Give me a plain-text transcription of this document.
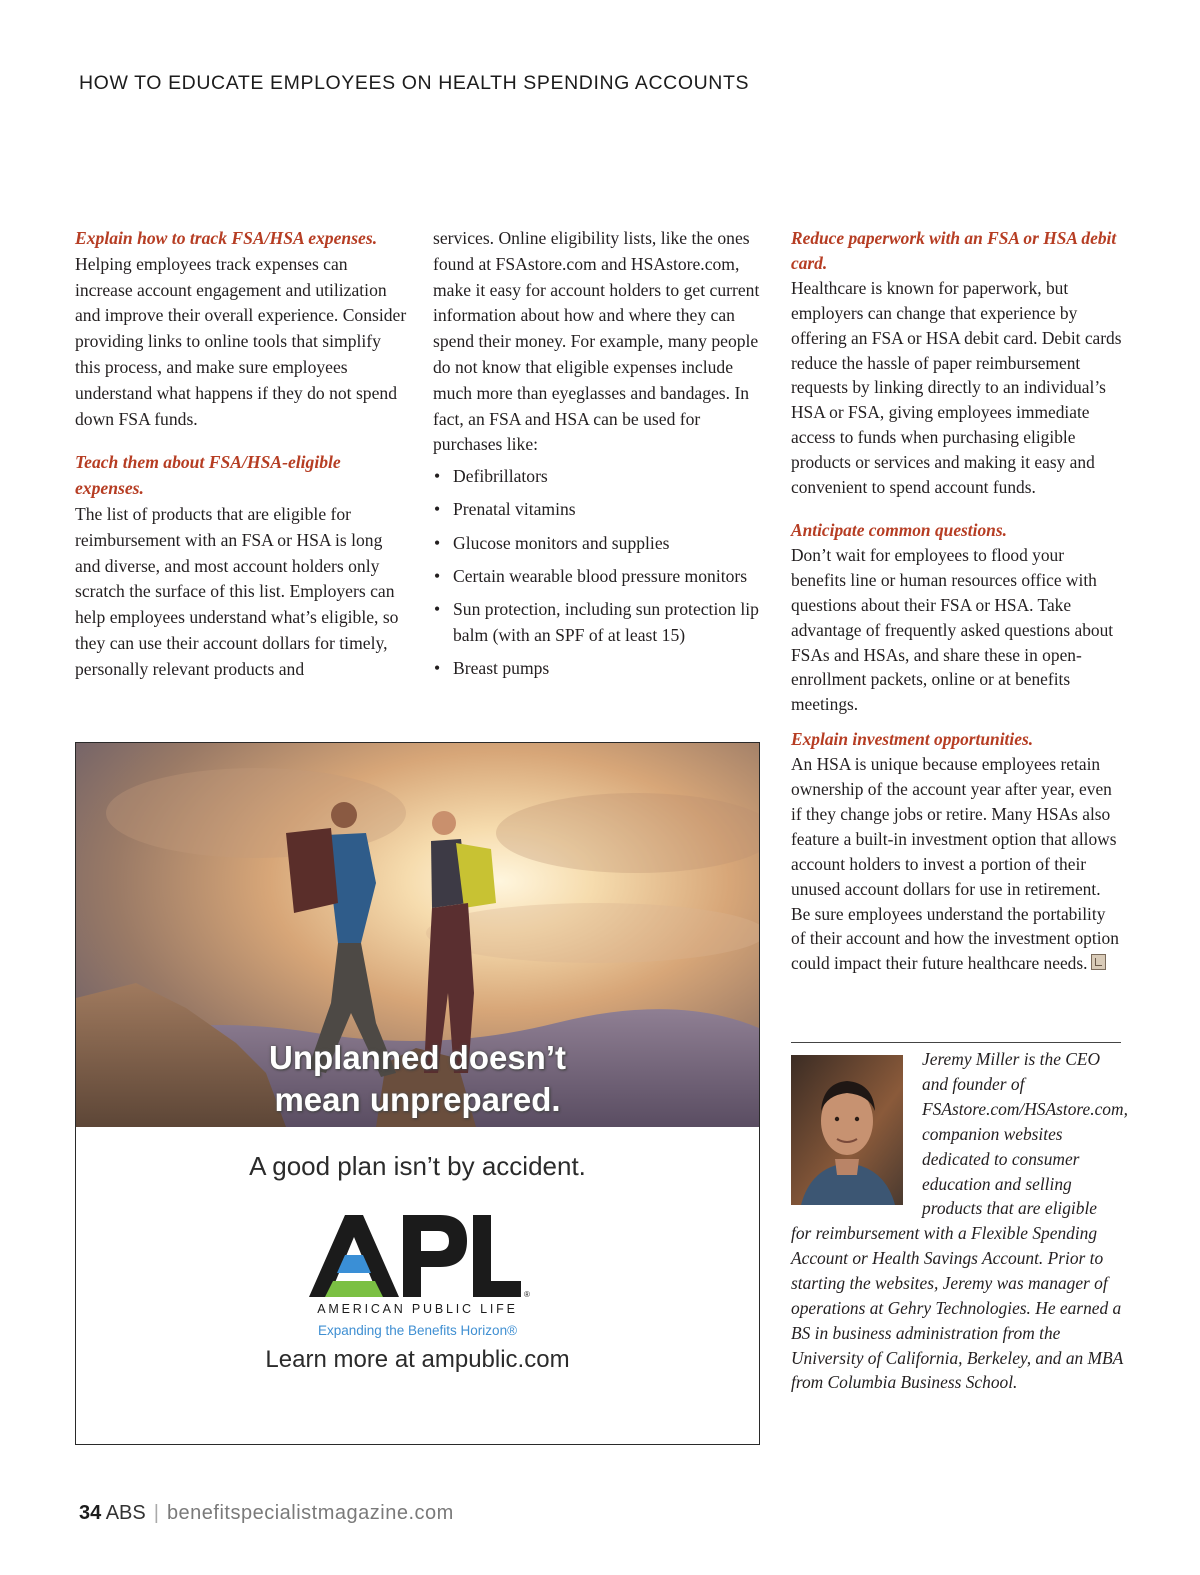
HOW TO EDUCATE EMPLOYEES ON HEALTH SPENDING ACCOUNTS
Explain how to track FSA/HSA expenses.

Helping employees track expenses can increase account engagement and utilization and improve their overall experience. Consider providing links to online tools that simplify this process, and make sure employees understand what happens if they do not spend down FSA funds.

Teach them about FSA/HSA-eligible expenses.

The list of products that are eligible for reimbursement with an FSA or HSA is long and diverse, and most account holders only scratch the surface of this list. Employers can help employees understand what’s eligible, so they can use their account dollars for timely, personally relevant products and

services. Online eligibility lists, like the ones found at FSAstore.com and HSAstore.com, make it easy for account holders to get current information about how and where they can spend their money. For example, many people do not know that eligible expenses include much more than eyeglasses and bandages. In fact, an FSA and HSA can be used for purchases like:

• Defibrillators
• Prenatal vitamins
• Glucose monitors and supplies
• Certain wearable blood pressure monitors
• Sun protection, including sun protection lip balm (with an SPF of at least 15)
• Breast pumps
Reduce paperwork with an FSA or HSA debit card.

Healthcare is known for paperwork, but employers can change that experience by offering an FSA or HSA debit card. Debit cards reduce the hassle of paper reimbursement requests by linking directly to an individual’s HSA or FSA, giving employees immediate access to funds when purchasing eligible products or services and making it easy and convenient to spend account funds.

Anticipate common questions.

Don’t wait for employees to flood your benefits line or human resources office with questions about their FSA or HSA. Take advantage of frequently asked questions about FSAs and HSAs, and share these in open-enrollment packets, online or at benefits meetings.

Explain investment opportunities.

An HSA is unique because employees retain ownership of the account year after year, even if they change jobs or retire. Many HSAs also feature a built-in investment option that allows account holders to invest a portion of their unused account dollars for use in retirement. Be sure employees understand the portability of their account and how the investment option could impact their future healthcare needs.

Unplanned doesn’t
mean unprepared.
A good plan isn’t by accident.
®
AMERICAN PUBLIC LIFE
Expanding the Benefits Horizon®
Learn more at ampublic.com

Jeremy Miller is the CEO and founder of FSAstore.com/HSAstore.com, companion websites dedicated to consumer education and selling products that are eligible

for reimbursement with a Flexible Spending Account or Health Savings Account. Prior to starting the websites, Jeremy was manager of operations at Gehry Technologies. He earned a BS in business administration from the University of California, Berkeley, and an MBA from Columbia Business School.

34 ABS | benefitspecialistmagazine.com
